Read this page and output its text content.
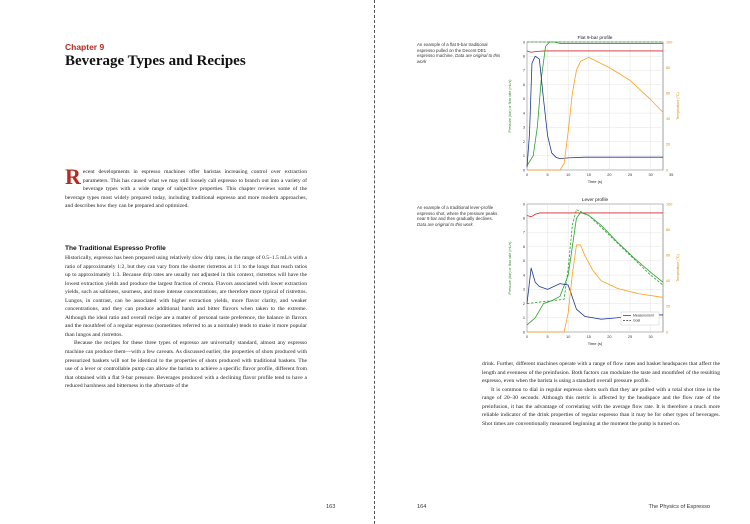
Chapter 9
Beverage Types and Recipes
Recent developments in espresso machines offer baristas increasing control over extraction parameters. This has caused what we may still loosely call espresso to branch out into a variety of beverage types with a wide range of subjective properties. This chapter reviews some of the beverage types most widely prepared today, including traditional espresso and more modern approaches, and describes how they can be prepared and optimized.
The Traditional Espresso Profile

Historically, espresso has been prepared using relatively slow drip rates, in the range of 0.5–1.5 mL/s with a ratio of approximately 1:2, but they can vary from the shorter ristrettos at 1:1 to the longs that reach ratios up to approximately 1:3. Because drip rates are usually not adjusted in this context, ristrettos will have the lowest extraction yields and produce the largest fraction of crema. Flavors associated with lower extraction yields, such as saltiness, sourness, and more intense concentrations, are therefore more typical of ristrettos. Lungos, in contrast, can be associated with higher extraction yields, more flavor clarity, and weaker concentrations, and they can produce additional harsh and bitter flavors when taken to the extreme. Although the ideal ratio and overall recipe are a matter of personal taste preference, the balance in flavors and the mouthfeel of a regular espresso (sometimes referred to as a normale) tends to make it more popular than lungos and ristrettos.

Because the recipes for these three types of espresso are universally standard, almost any espresso machine can produce them—with a few caveats. As discussed earlier, the properties of shots produced with pressurized baskets will not be identical to the properties of shots produced with traditional baskets. The use of a lever or controllable pump can allow the barista to achieve a specific flavor profile, different from that obtained with a flat 9-bar pressure. Beverages produced with a declining flavor profile tend to have a reduced harshness and bitterness in the aftertaste of the

163

An example of a flat 9-bar traditional espresso pulled on the Decent DE1 espresso machine. Data are original to this work

Flat 9-bar profile
0	5	10	15	20	25	30	35
0
1
2
3
4
5
6
7
8
9
0
20
40
60
80
100
Time (s)
Pressure (bar) or flow rate (mL/s)	Temperature (°C)

An example of a traditional lever-profile espresso shot, where the pressure peaks near 9 bar and then gradually declines. Data are original to this work

Lever profile
0	5	10	15	20	25	30
0
1
2
3
4
5
6
7
8
9
0
20
40
60
80
100
Time (s)
Pressure (bar) or flow rate (mL/s)	Temperature (°C)
Measurement
Goal

drink. Further, different machines operate with a range of flow rates and basket headspaces that affect the length and evenness of the preinfusion. Both factors can modulate the taste and mouthfeel of the resulting espresso, even when the barista is using a standard overall pressure profile.

It is common to dial in regular espresso shots such that they are pulled with a total shot time in the range of 20–30 seconds. Although this metric is affected by the headspace and the flow rate of the preinfusion, it has the advantage of correlating with the average flow rate. It is therefore a much more reliable indicator of the drink properties of regular espresso than it may be for other types of beverages. Shot times are conventionally measured beginning at the moment the pump is turned on.

164	The Physics of Espresso
